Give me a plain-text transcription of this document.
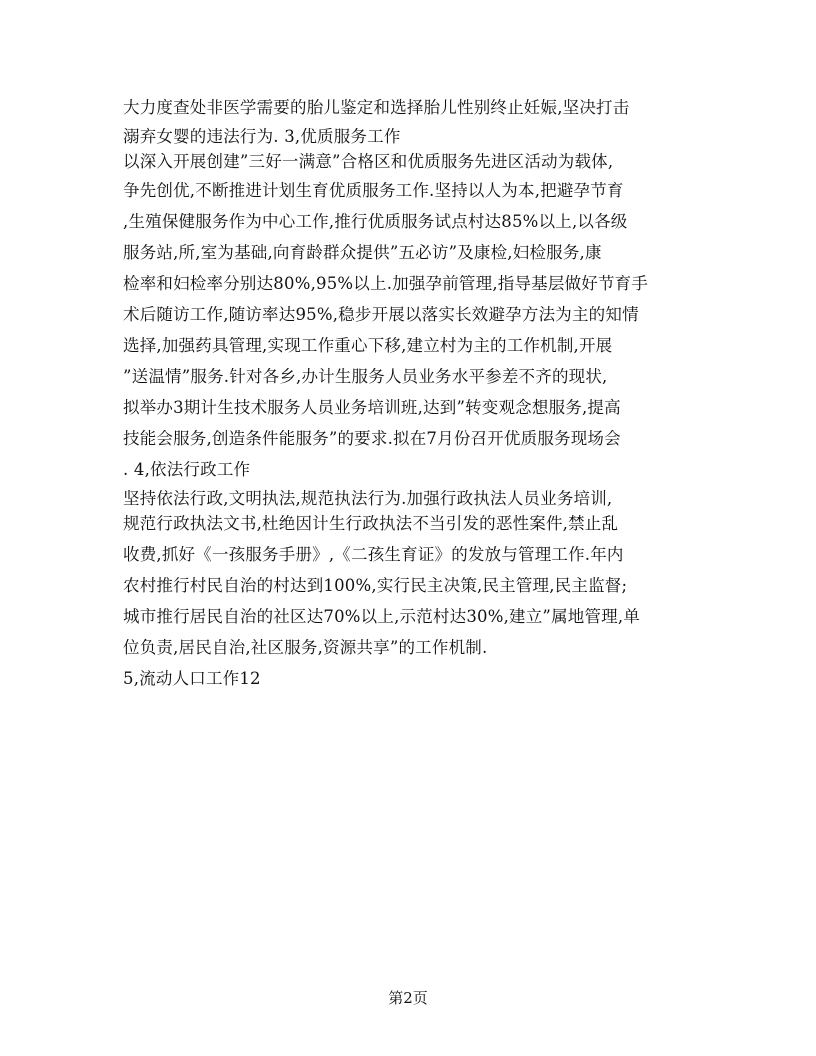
大力度查处非医学需要的胎儿鉴定和选择胎儿性别终止妊娠,坚决打击
溺弃女婴的违法行为. 3,优质服务工作
以深入开展创建”三好一满意”合格区和优质服务先进区活动为载体,
争先创优,不断推进计划生育优质服务工作.坚持以人为本,把避孕节育
,生殖保健服务作为中心工作,推行优质服务试点村达85%以上,以各级
服务站,所,室为基础,向育龄群众提供”五必访”及康检,妇检服务,康
检率和妇检率分别达80%,95%以上.加强孕前管理,指导基层做好节育手
术后随访工作,随访率达95%,稳步开展以落实长效避孕方法为主的知情
选择,加强药具管理,实现工作重心下移,建立村为主的工作机制,开展
”送温情”服务.针对各乡,办计生服务人员业务水平参差不齐的现状,
拟举办3期计生技术服务人员业务培训班,达到”转变观念想服务,提高
技能会服务,创造条件能服务”的要求.拟在7月份召开优质服务现场会
. 4,依法行政工作
坚持依法行政,文明执法,规范执法行为.加强行政执法人员业务培训,
规范行政执法文书,杜绝因计生行政执法不当引发的恶性案件,禁止乱
收费,抓好《一孩服务手册》,《二孩生育证》的发放与管理工作.年内
农村推行村民自治的村达到100%,实行民主决策,民主管理,民主监督;
城市推行居民自治的社区达70%以上,示范村达30%,建立”属地管理,单
位负责,居民自治,社区服务,资源共享”的工作机制.
5,流动人口工作12
第2页
